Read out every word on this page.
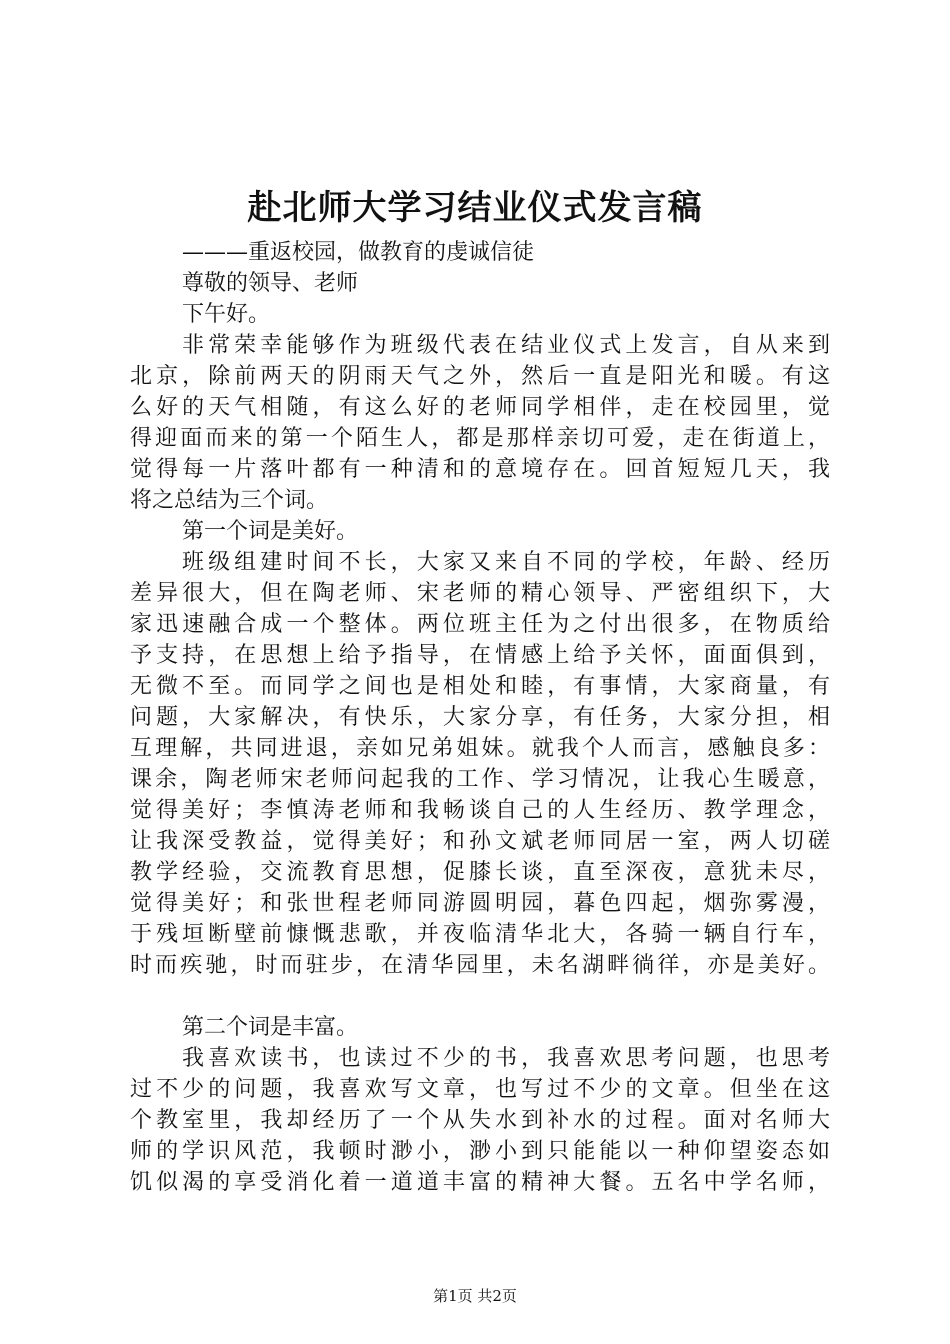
赴北师大学习结业仪式发言稿
———重返校园，做教育的虔诚信徒
尊敬的领导、老师
下午好。
非常荣幸能够作为班级代表在结业仪式上发言，自从来到
北京，除前两天的阴雨天气之外，然后一直是阳光和暖。有这
么好的天气相随，有这么好的老师同学相伴，走在校园里，觉
得迎面而来的第一个陌生人，都是那样亲切可爱，走在街道上，
觉得每一片落叶都有一种清和的意境存在。回首短短几天，我
将之总结为三个词。
第一个词是美好。
班级组建时间不长，大家又来自不同的学校，年龄、经历
差异很大，但在陶老师、宋老师的精心领导、严密组织下，大
家迅速融合成一个整体。两位班主任为之付出很多，在物质给
予支持，在思想上给予指导，在情感上给予关怀，面面俱到，
无微不至。而同学之间也是相处和睦，有事情，大家商量，有
问题，大家解决，有快乐，大家分享，有任务，大家分担，相
互理解，共同进退，亲如兄弟姐妹。就我个人而言，感触良多：
课余，陶老师宋老师问起我的工作、学习情况，让我心生暖意，
觉得美好；李慎涛老师和我畅谈自己的人生经历、教学理念，
让我深受教益，觉得美好；和孙文斌老师同居一室，两人切磋
教学经验，交流教育思想，促膝长谈，直至深夜，意犹未尽，
觉得美好；和张世程老师同游圆明园，暮色四起，烟弥雾漫，
于残垣断壁前慷慨悲歌，并夜临清华北大，各骑一辆自行车，
时而疾驰，时而驻步，在清华园里，未名湖畔徜徉，亦是美好。
第二个词是丰富。
我喜欢读书，也读过不少的书，我喜欢思考问题，也思考
过不少的问题，我喜欢写文章，也写过不少的文章。但坐在这
个教室里，我却经历了一个从失水到补水的过程。面对名师大
师的学识风范，我顿时渺小，渺小到只能能以一种仰望姿态如
饥似渴的享受消化着一道道丰富的精神大餐。五名中学名师，
第1页 共2页
